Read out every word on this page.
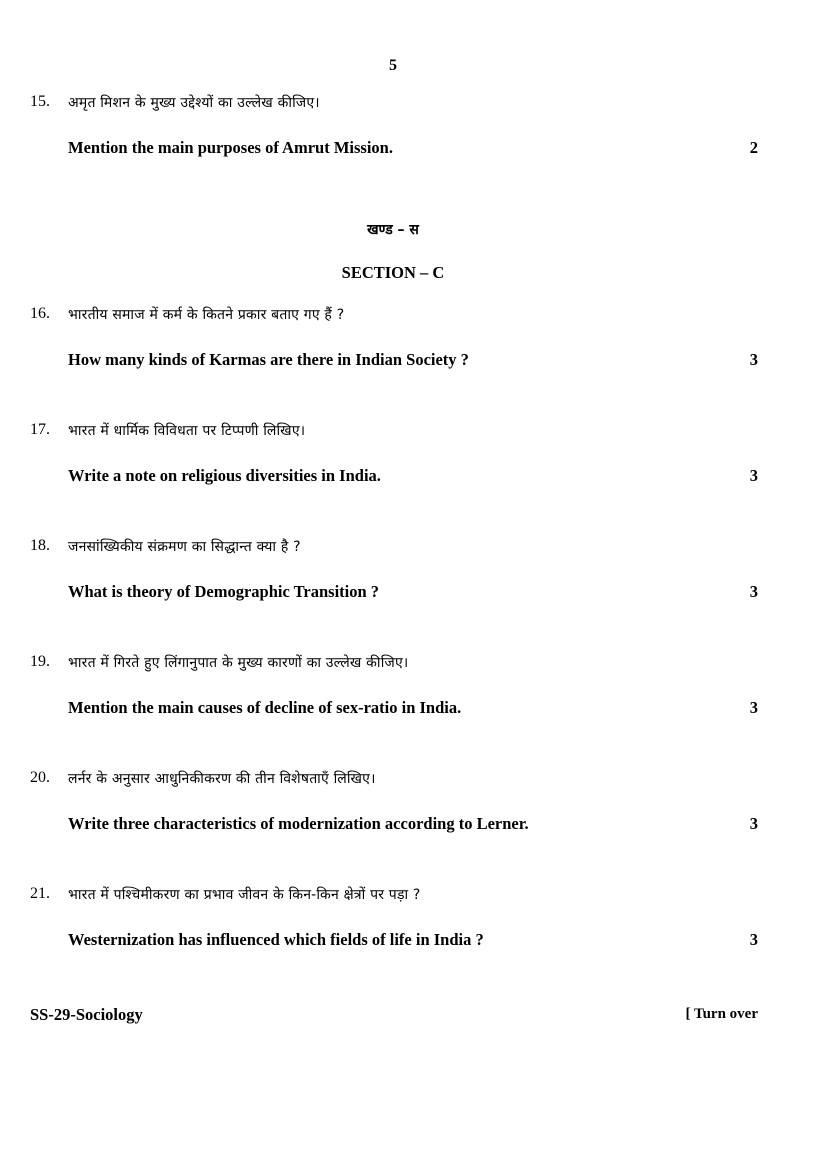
5
15. अमृत मिशन के मुख्य उद्देश्यों का उल्लेख कीजिए।
Mention the main purposes of Amrut Mission.	2
खण्ड – स
SECTION – C
16. भारतीय समाज में कर्म के कितने प्रकार बताए गए हैं ?
How many kinds of Karmas are there in Indian Society ?	3
17. भारत में धार्मिक विविधता पर टिप्पणी लिखिए।
Write a note on religious diversities in India.	3
18. जनसांख्यिकीय संक्रमण का सिद्धान्त क्या है ?
What is theory of Demographic Transition ?	3
19. भारत में गिरते हुए लिंगानुपात के मुख्य कारणों का उल्लेख कीजिए।
Mention the main causes of decline of sex-ratio in India.	3
20. लर्नर के अनुसार आधुनिकीकरण की तीन विशेषताएँ लिखिए।
Write three characteristics of modernization according to Lerner.	3
21. भारत में पश्चिमीकरण का प्रभाव जीवन के किन-किन क्षेत्रों पर पड़ा ?
Westernization has influenced which fields of life in India ?	3
SS-29-Sociology	[ Turn over
